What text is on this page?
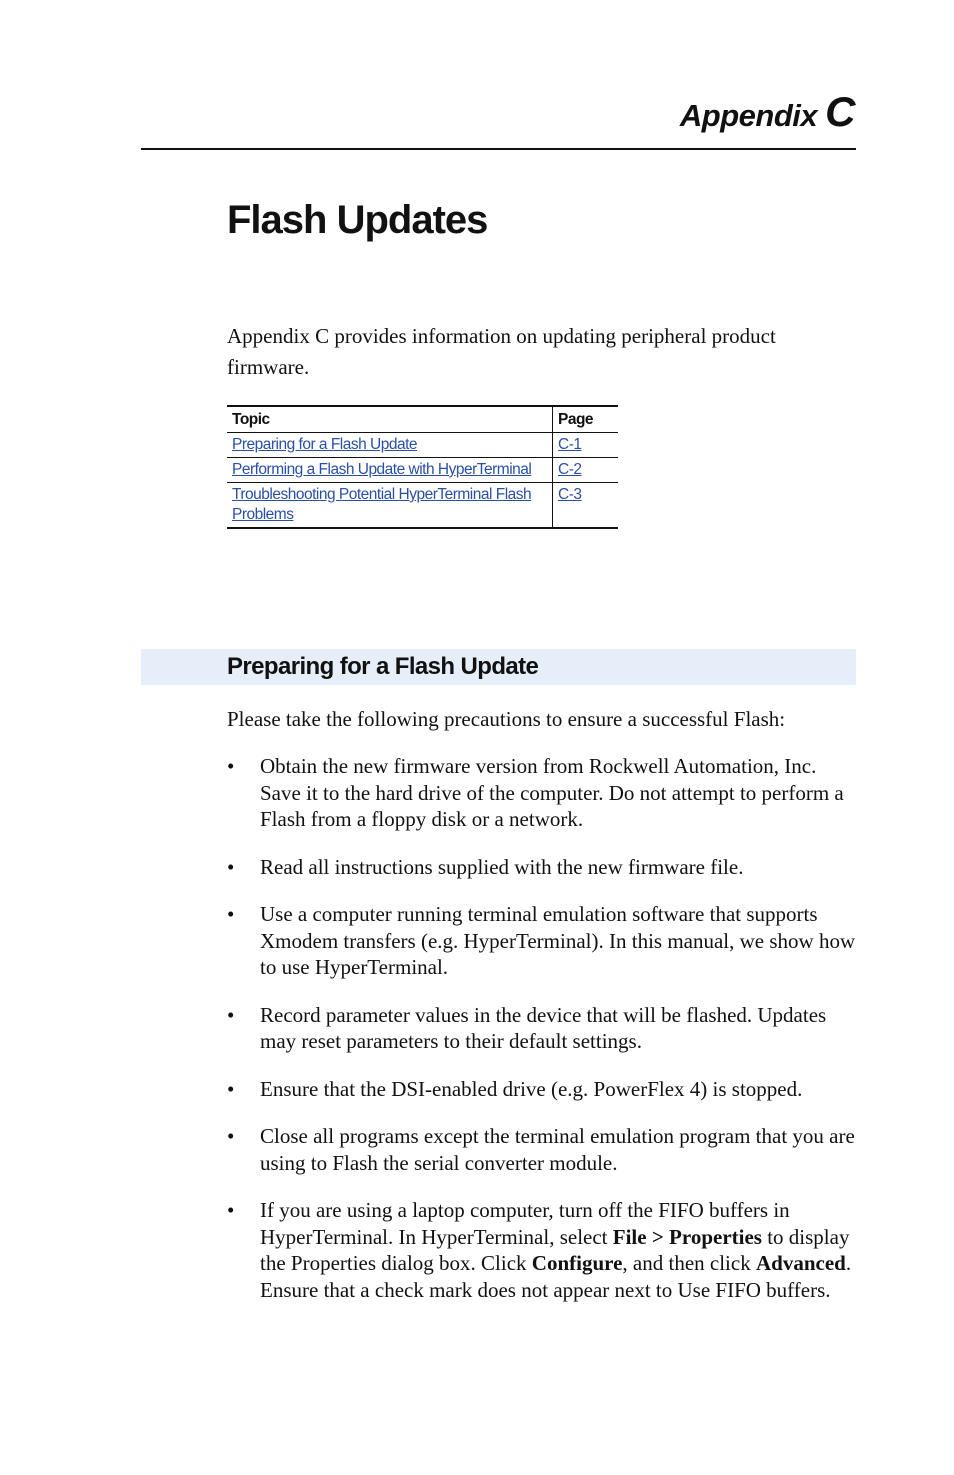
Appendix C
Flash Updates

Appendix C provides information on updating peripheral product firmware.

Topic	Page
Preparing for a Flash Update	C-1
Performing a Flash Update with HyperTerminal	C-2
Troubleshooting Potential HyperTerminal Flash Problems	C-3
Preparing for a Flash Update

Please take the following precautions to ensure a successful Flash:

•	Obtain the new firmware version from Rockwell Automation, Inc. Save it to the hard drive of the computer. Do not attempt to perform a Flash from a floppy disk or a network.
•	Read all instructions supplied with the new firmware file.
•	Use a computer running terminal emulation software that supports Xmodem transfers (e.g. HyperTerminal). In this manual, we show how to use HyperTerminal.
•	Record parameter values in the device that will be flashed. Updates may reset parameters to their default settings.
•	Ensure that the DSI-enabled drive (e.g. PowerFlex 4) is stopped.
•	Close all programs except the terminal emulation program that you are using to Flash the serial converter module.
•	If you are using a laptop computer, turn off the FIFO buffers in HyperTerminal. In HyperTerminal, select File > Properties to display the Properties dialog box. Click Configure, and then click Advanced. Ensure that a check mark does not appear next to Use FIFO buffers.
